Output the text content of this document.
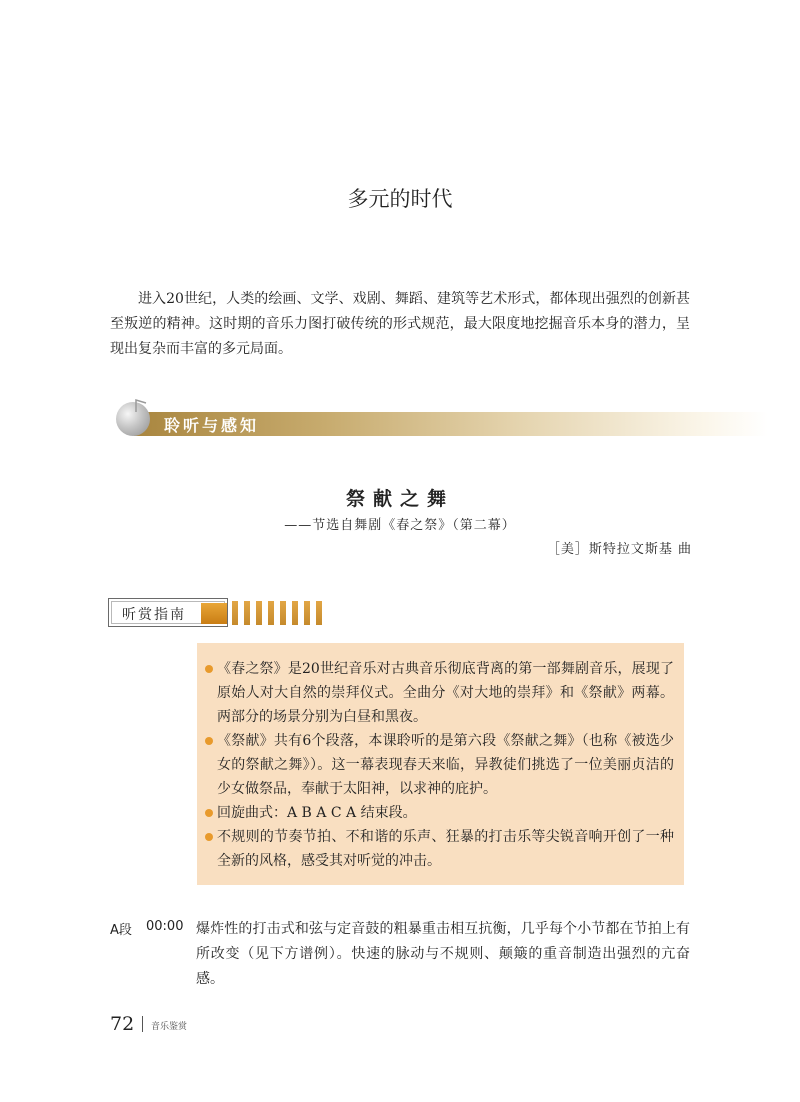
多元的时代

进入20世纪，人类的绘画、文学、戏剧、舞蹈、建筑等艺术形式，都体现出强烈的创新甚至叛逆的精神。这时期的音乐力图打破传统的形式规范，最大限度地挖掘音乐本身的潜力，呈现出复杂而丰富的多元局面。

聆听与感知
祭献之舞
——节选自舞剧《春之祭》（第二幕）
［美］斯特拉文斯基 曲
听赏指南
《春之祭》是20世纪音乐对古典音乐彻底背离的第一部舞剧音乐，展现了原始人对大自然的崇拜仪式。全曲分《对大地的崇拜》和《祭献》两幕。两部分的场景分别为白昼和黑夜。
《祭献》共有6个段落，本课聆听的是第六段《祭献之舞》（也称《被选少女的祭献之舞》）。这一幕表现春天来临，异教徒们挑选了一位美丽贞洁的少女做祭品，奉献于太阳神，以求神的庇护。
回旋曲式：A B A C A 结束段。
不规则的节奏节拍、不和谐的乐声、狂暴的打击乐等尖锐音响开创了一种全新的风格，感受其对听觉的冲击。
A段 00:00 爆炸性的打击式和弦与定音鼓的粗暴重击相互抗衡，几乎每个小节都在节拍上有所改变（见下方谱例）。快速的脉动与不规则、颠簸的重音制造出强烈的亢奋感。
72 音乐鉴赏
